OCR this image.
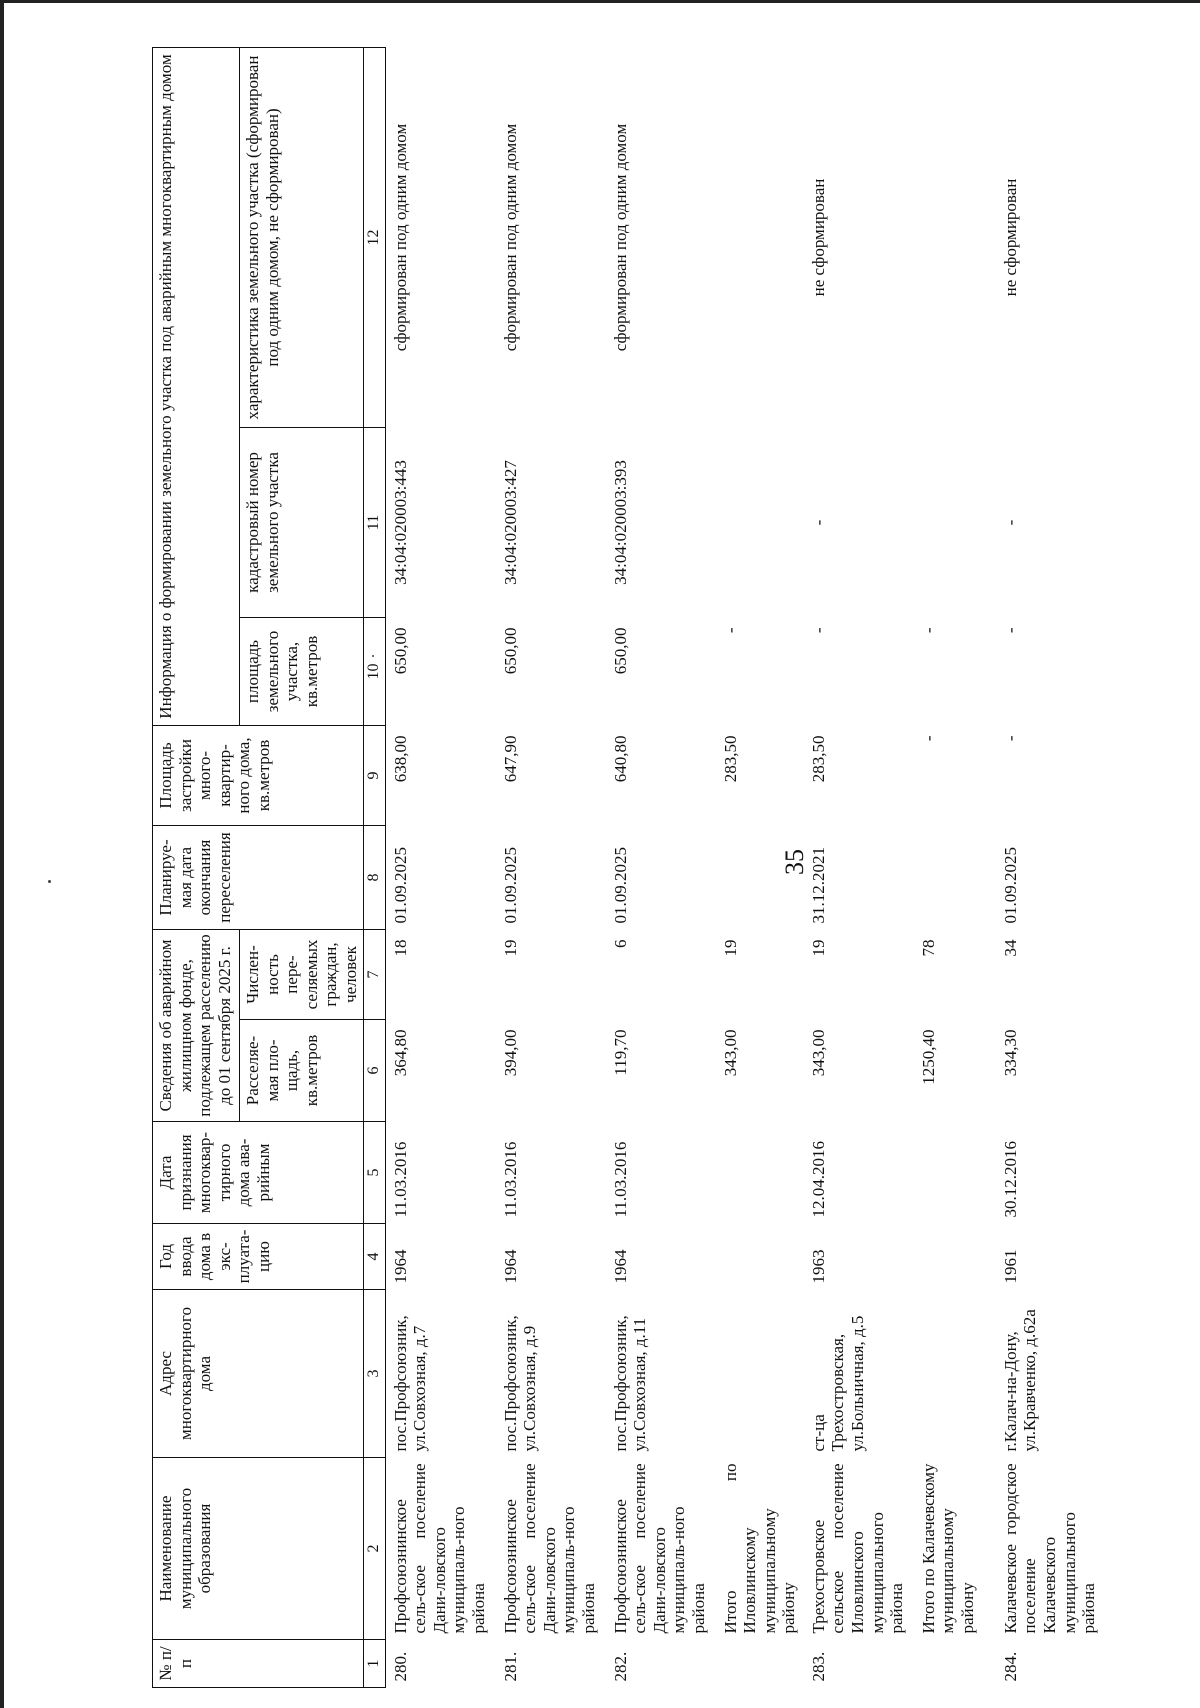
35
№ п/п	Наименование муниципального образования	Адрес многоквартирного дома	Год ввода дома в экс-плуата-цию	Дата признания многоквар-тирного дома ава-рийным	Сведения об аварийном жилищном фонде, подлежащем расселению до 01 сентября 2025 г.		Планируе-мая дата окончания переселения	Площадь застройки много-квартир-ного дома, кв.метров	Информация о формировании земельного участка под аварийным многоквартирным домом		
					Расселяе-мая пло-щадь, кв.метров	Числен-ность пере-селяемых граждан, человек			площадь земельного участка, кв.метров	кадастровый номер земельного участка	характеристика земельного участка (сформирован под одним домом, не сформирован)
1	2	3	4	5	6	7	8	9	10	11	12
280.	Профсоюзнинское сель-ское поселение Дани-ловского муниципаль-ного района	пос.Профсоюзник, ул.Совхозная, д.7	1964	11.03.2016	364,80	18	01.09.2025	638,00	650,00	34:04:020003:443	сформирован под одним домом
281.	Профсоюзнинское сель-ское поселение Дани-ловского муниципаль-ного района	пос.Профсоюзник, ул.Совхозная, д.9	1964	11.03.2016	394,00	19	01.09.2025	647,90	650,00	34:04:020003:427	сформирован под одним домом
282.	Профсоюзнинское сель-ское поселение Дани-ловского муниципаль-ного района	пос.Профсоюзник, ул.Совхозная, д.11	1964	11.03.2016	119,70	6	01.09.2025	640,80	650,00	34:04:020003:393	сформирован под одним домом
	Итого по Иловлинскому муниципальному району				343,00	19		283,50	-		
283.	Трехостровское сельское поселение Иловлинского муниципального района	ст-ца Трехостровская, ул.Больничная, д.5	1963	12.04.2016	343,00	19	31.12.2021	283,50	-	-	не сформирован
	Итого по Калачевскому муниципальному району				1250,40	78		-	-		
284.	Калачевское городское поселение Калачевского муниципального района	г.Калач-на-Дону, ул.Кравченко, д.62а	1961	30.12.2016	334,30	34	01.09.2025	-	-	-	не сформирован
